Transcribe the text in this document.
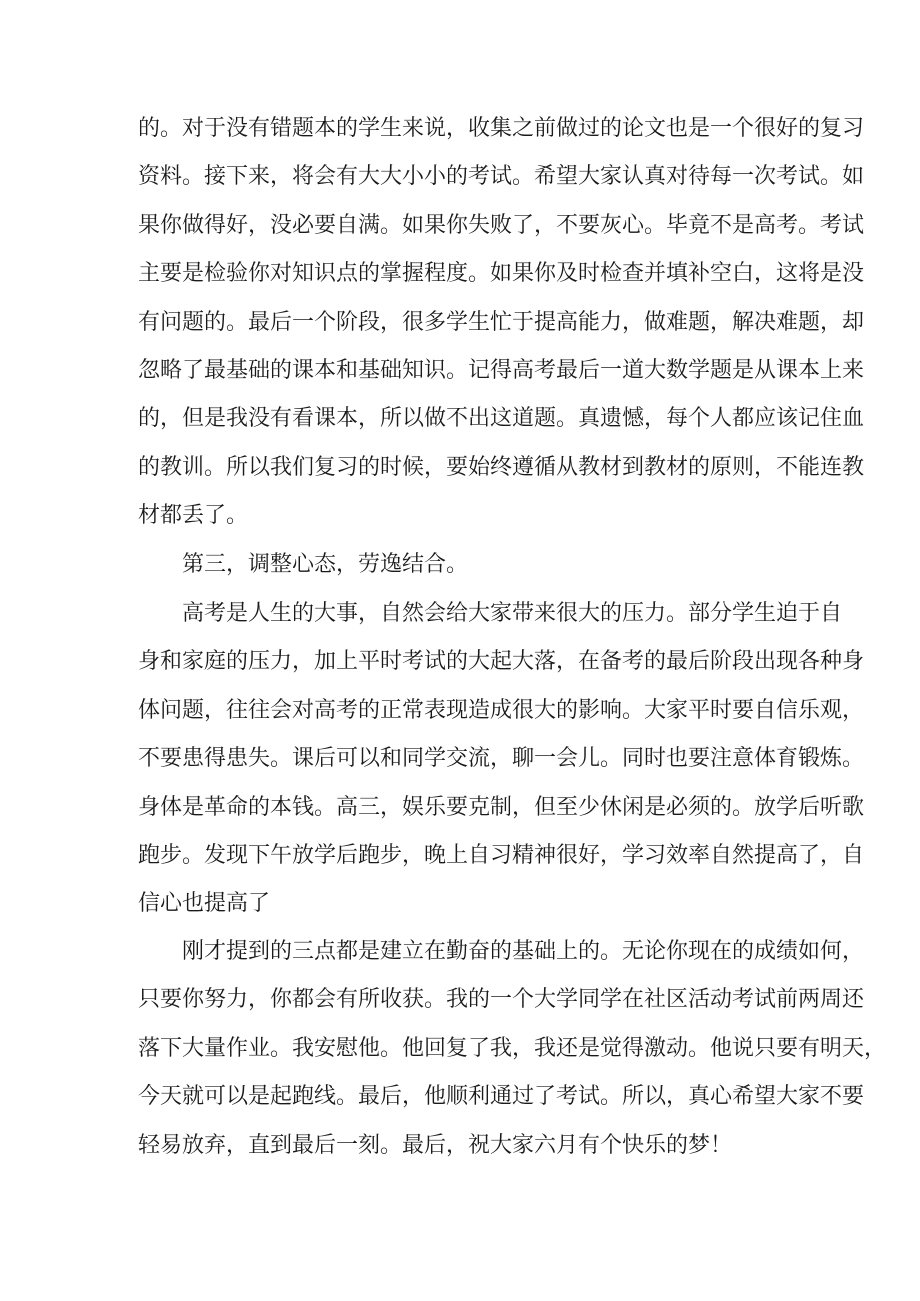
的。对于没有错题本的学生来说，收集之前做过的论文也是一个很好的复习
资料。接下来，将会有大大小小的考试。希望大家认真对待每一次考试。如
果你做得好，没必要自满。如果你失败了，不要灰心。毕竟不是高考。考试
主要是检验你对知识点的掌握程度。如果你及时检查并填补空白，这将是没
有问题的。最后一个阶段，很多学生忙于提高能力，做难题，解决难题，却
忽略了最基础的课本和基础知识。记得高考最后一道大数学题是从课本上来
的，但是我没有看课本，所以做不出这道题。真遗憾，每个人都应该记住血
的教训。所以我们复习的时候，要始终遵循从教材到教材的原则，不能连教
材都丢了。
第三，调整心态，劳逸结合。
高考是人生的大事，自然会给大家带来很大的压力。部分学生迫于自
身和家庭的压力，加上平时考试的大起大落，在备考的最后阶段出现各种身
体问题，往往会对高考的正常表现造成很大的影响。大家平时要自信乐观，
不要患得患失。课后可以和同学交流，聊一会儿。同时也要注意体育锻炼。
身体是革命的本钱。高三，娱乐要克制，但至少休闲是必须的。放学后听歌
跑步。发现下午放学后跑步，晚上自习精神很好，学习效率自然提高了，自
信心也提高了
刚才提到的三点都是建立在勤奋的基础上的。无论你现在的成绩如何，
只要你努力，你都会有所收获。我的一个大学同学在社区活动考试前两周还
落下大量作业。我安慰他。他回复了我，我还是觉得激动。他说只要有明天，
今天就可以是起跑线。最后，他顺利通过了考试。所以，真心希望大家不要
轻易放弃，直到最后一刻。最后，祝大家六月有个快乐的梦！
